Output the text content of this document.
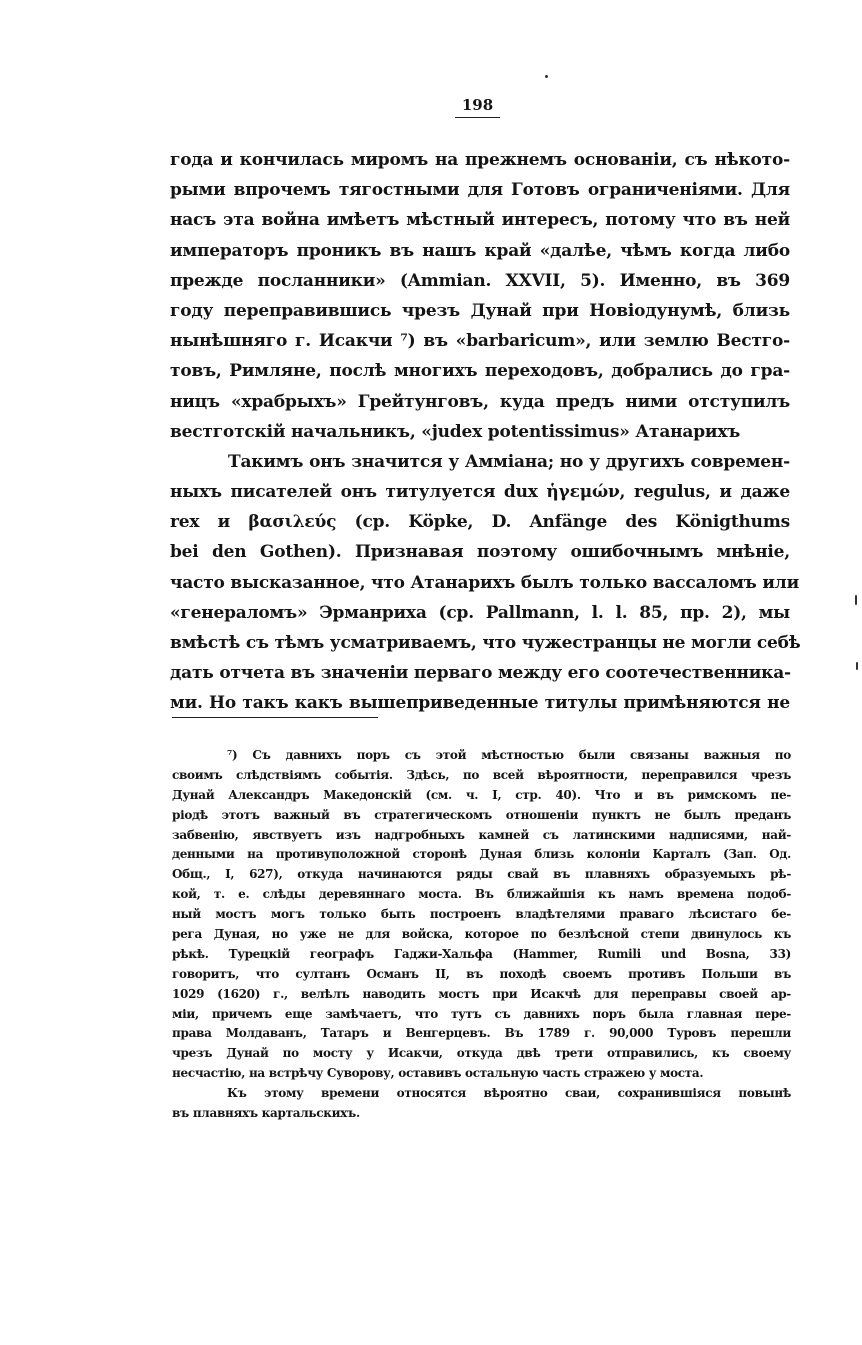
198
года и кончилась миромъ на прежнемъ основаніи, съ нѣкото-
рыми впрочемъ тягостными для Готовъ ограниченіями. Для
насъ эта война имѣетъ мѣстный интересъ, потому что въ ней
императоръ проникъ въ нашъ край «далѣе, чѣмъ когда либо
прежде посланники» (Ammian. XXVII, 5). Именно, въ 369
году переправившись чрезъ Дунай при Новіодунумѣ, близь
нынѣшняго г. Исакчи ⁷) въ «barbaricum», или землю Вестго-
товъ, Римляне, послѣ многихъ переходовъ, добрались до гра-
ницъ «храбрыхъ» Грейтунговъ, куда предъ ними отступилъ
вестготскій начальникъ, «judex potentissimus» Атанарихъ
Такимъ онъ значится у Амміана; но у другихъ современ-
ныхъ писателей онъ титулуется dux ἡγεμών, regulus, и даже
rex и βασιλεύς (ср. Köpke, D. Anfänge des Königthums
bei den Gothen). Признавая поэтому ошибочнымъ мнѣніе,
часто высказанное, что Атанарихъ былъ только вассаломъ или
«генераломъ» Эрманриха (ср. Pallmann, l. l. 85, пр. 2), мы
вмѣстѣ съ тѣмъ усматриваемъ, что чужестранцы не могли себѣ
дать отчета въ значеніи перваго между его соотечественника-
ми. Но такъ какъ вышеприведенные титулы примѣняются не
⁷) Съ давнихъ поръ съ этой мѣстностью были связаны важныя по
своимъ слѣдствіямъ событія. Здѣсь, по всей вѣроятности, переправился чрезъ
Дунай Александръ Македонскій (см. ч. I, стр. 40). Что и въ римскомъ пе-
ріодѣ этотъ важный въ стратегическомъ отношеніи пунктъ не былъ преданъ
забвенію, явствуетъ изъ надгробныхъ камней съ латинскими надписями, най-
денными на противуположной сторонѣ Дуная близь колоніи Карталъ (Зап. Од.
Общ., I, 627), откуда начинаются ряды свай въ плавняхъ образуемыхъ рѣ-
кой, т. е. слѣды деревяннаго моста. Въ ближайшія къ намъ времена подоб-
ный мостъ могъ только быть построенъ владѣтелями праваго лѣсистаго бе-
рега Дуная, но уже не для войска, которое по безлѣсной степи двинулось къ
рѣкѣ. Турецкій географъ Гаджи-Хальфа (Hammer, Rumili und Bosna, 33)
говоритъ, что султанъ Османъ II, въ походѣ своемъ противъ Польши въ
1029 (1620) г., велѣлъ наводить мостъ при Исакчѣ для переправы своей ар-
міи, причемъ еще замѣчаетъ, что тутъ съ давнихъ поръ была главная пере-
права Молдаванъ, Татаръ и Венгерцевъ. Въ 1789 г. 90,000 Туровъ перешли
чрезъ Дунай по мосту у Исакчи, откуда двѣ трети отправились, къ своему
несчастію, на встрѣчу Суворову, оставивъ остальную часть стражею у моста.
Къ этому времени относятся вѣроятно сваи, сохранившіяся повынѣ
въ плавняхъ картальскихъ.
